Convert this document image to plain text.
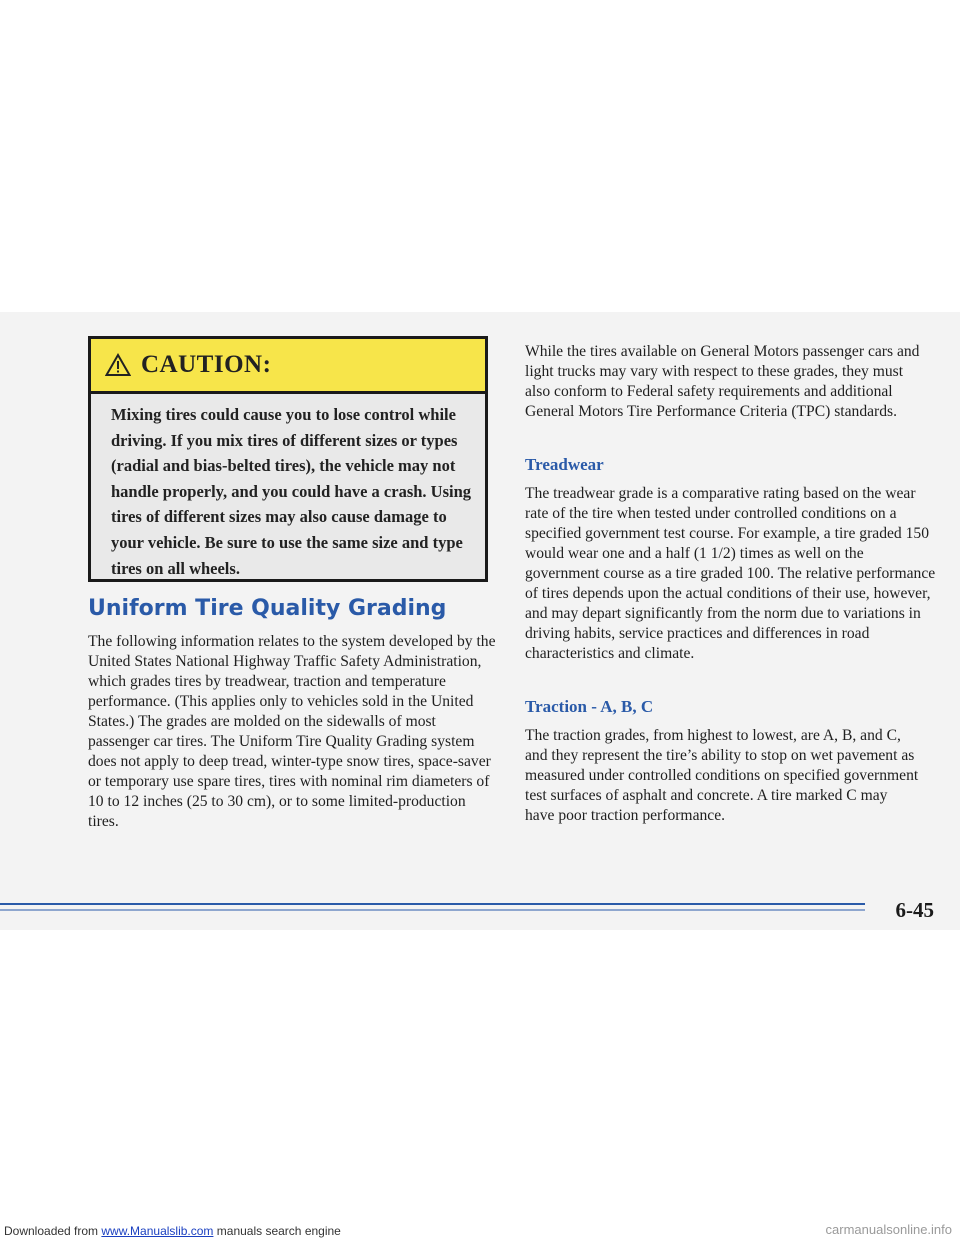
CAUTION:
Mixing tires could cause you to lose control while driving. If you mix tires of different sizes or types (radial and bias-belted tires), the vehicle may not handle properly, and you could have a crash. Using tires of different sizes may also cause damage to your vehicle. Be sure to use the same size and type tires on all wheels.
Uniform Tire Quality Grading

The following information relates to the system developed by the United States National Highway Traffic Safety Administration, which grades tires by treadwear, traction and temperature performance. (This applies only to vehicles sold in the United States.) The grades are molded on the sidewalls of most passenger car tires. The Uniform Tire Quality Grading system does not apply to deep tread, winter-type snow tires, space-saver or temporary use spare tires, tires with nominal rim diameters of 10 to 12 inches (25 to 30 cm), or to some limited-production tires.

While the tires available on General Motors passenger cars and light trucks may vary with respect to these grades, they must also conform to Federal safety requirements and additional General Motors Tire Performance Criteria (TPC) standards.

Treadwear

The treadwear grade is a comparative rating based on the wear rate of the tire when tested under controlled conditions on a specified government test course. For example, a tire graded 150 would wear one and a half (1 1/2) times as well on the government course as a tire graded 100. The relative performance of tires depends upon the actual conditions of their use, however, and may depart significantly from the norm due to variations in driving habits, service practices and differences in road characteristics and climate.

Traction - A, B, C

The traction grades, from highest to lowest, are A, B, and C, and they represent the tire’s ability to stop on wet pavement as measured under controlled conditions on specified government test surfaces of asphalt and concrete. A tire marked C may have poor traction performance.

6-45
Downloaded from www.Manualslib.com manuals search engine	carmanualsonline.info
